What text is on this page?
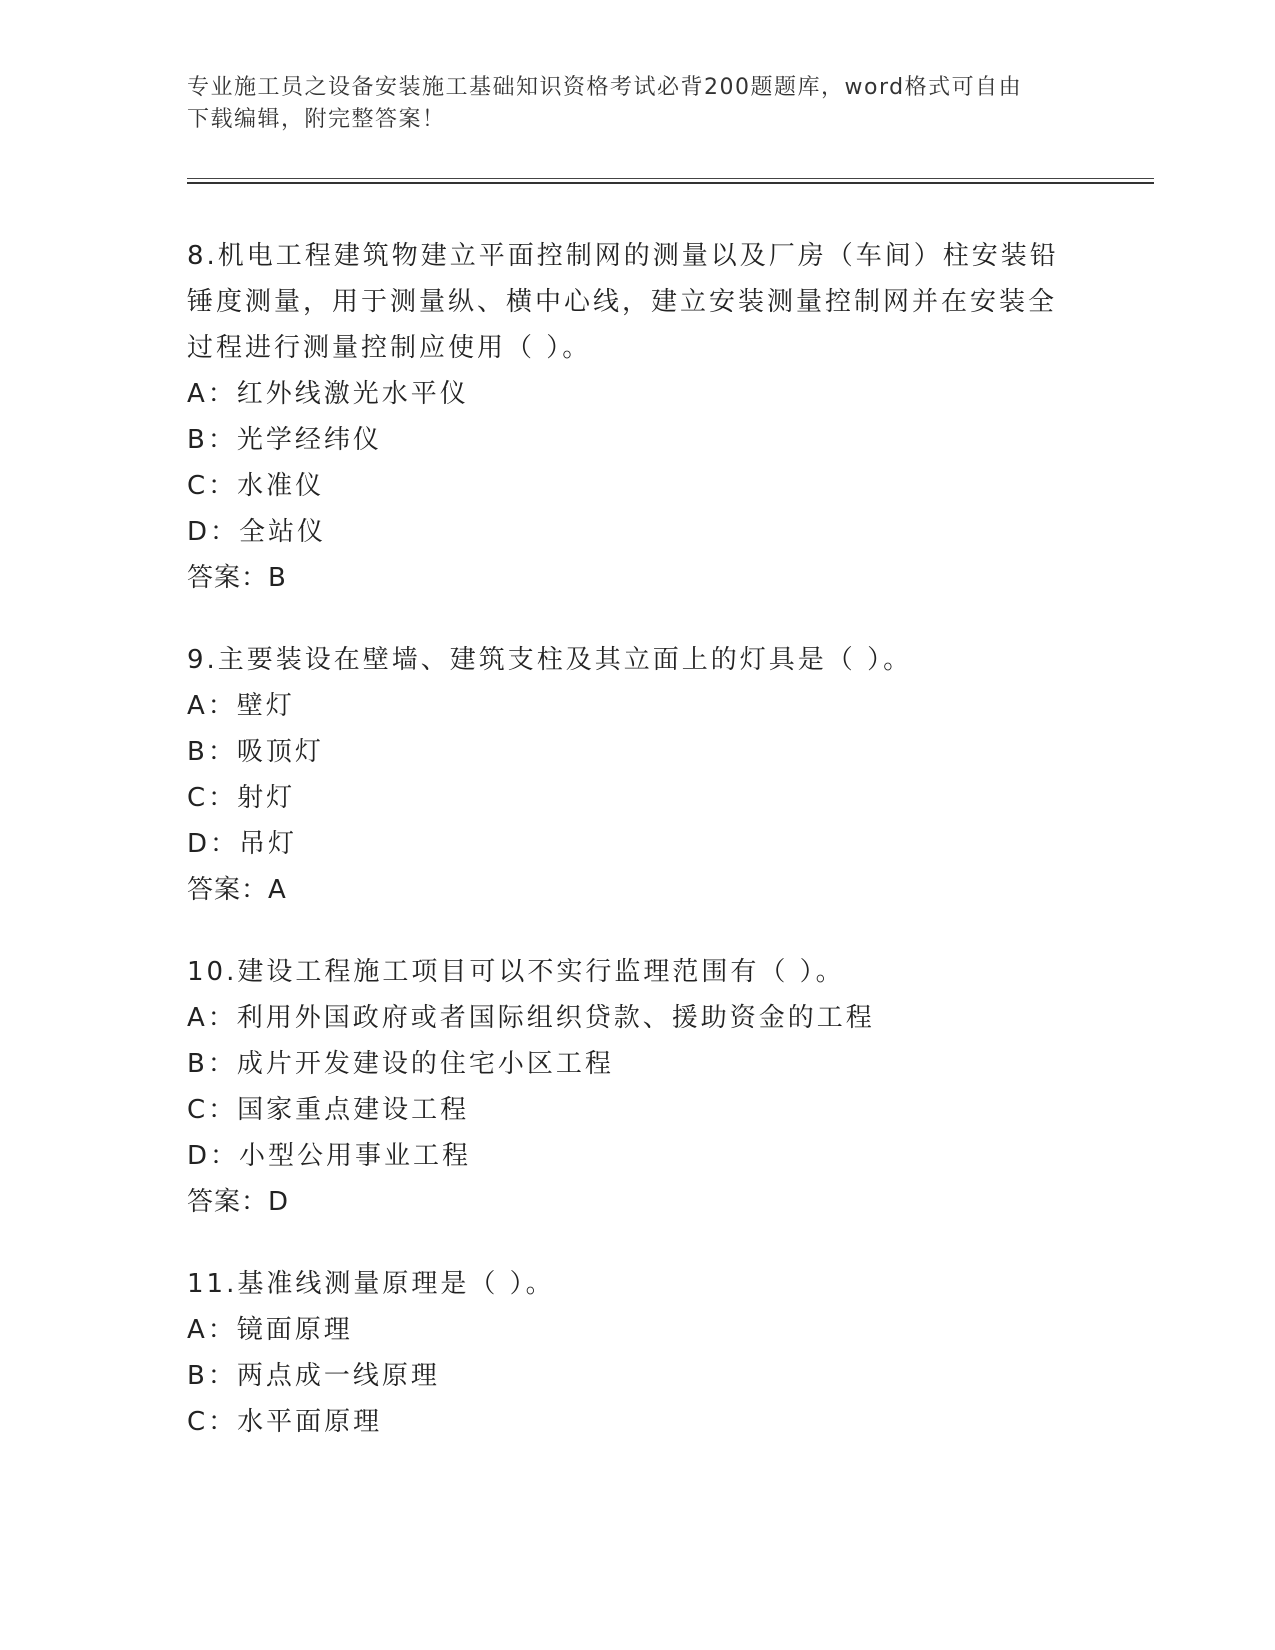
专业施工员之设备安装施工基础知识资格考试必背200题题库，word格式可自由
下载编辑，附完整答案！
8.机电工程建筑物建立平面控制网的测量以及厂房（车间）柱安装铅
锤度测量，用于测量纵、横中心线，建立安装测量控制网并在安装全
过程进行测量控制应使用（ ）。
A：红外线激光水平仪
B：光学经纬仪
C：水准仪
D：全站仪
答案：B
9.主要装设在壁墙、建筑支柱及其立面上的灯具是（ ）。
A：壁灯
B：吸顶灯
C：射灯
D：吊灯
答案：A
10.建设工程施工项目可以不实行监理范围有（ ）。
A：利用外国政府或者国际组织贷款、援助资金的工程
B：成片开发建设的住宅小区工程
C：国家重点建设工程
D：小型公用事业工程
答案：D
11.基准线测量原理是（ ）。
A：镜面原理
B：两点成一线原理
C：水平面原理
